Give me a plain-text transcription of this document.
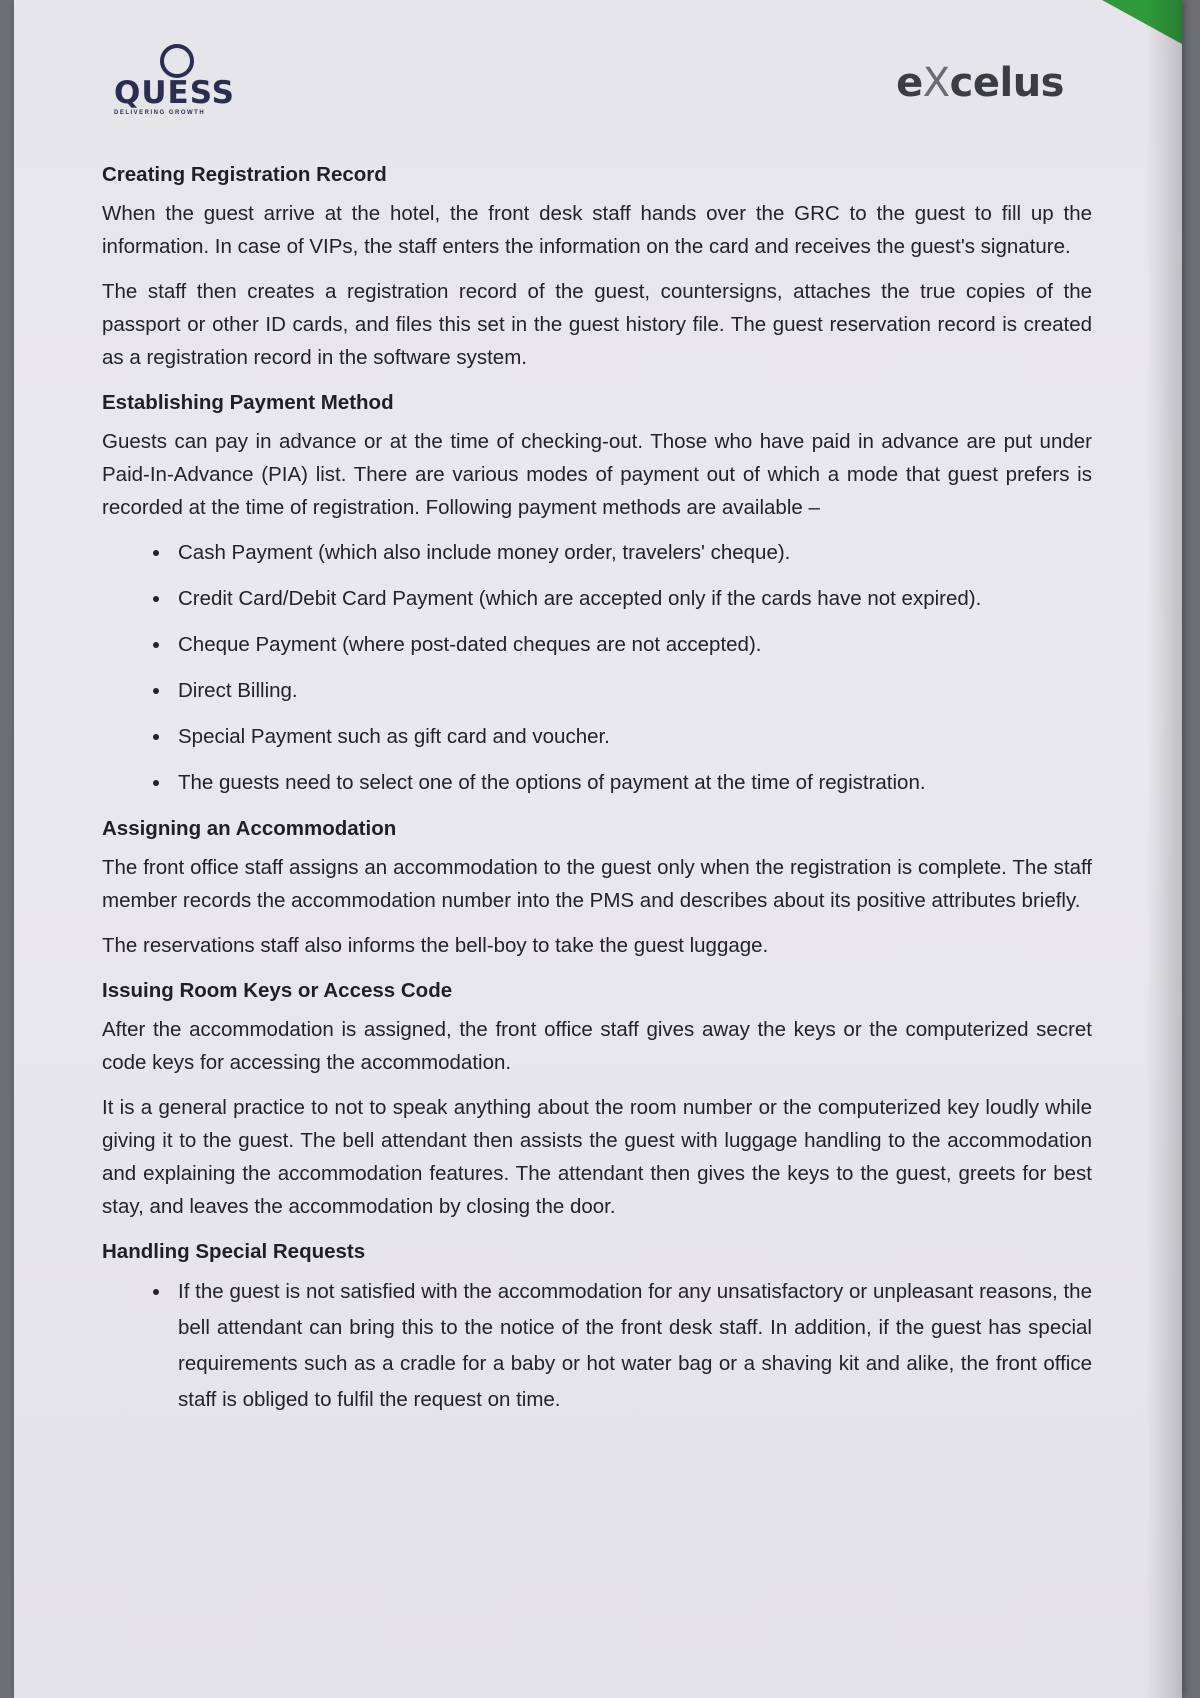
QUESS
DELIVERING GROWTH
eXcelus
Creating Registration Record

When the guest arrive at the hotel, the front desk staff hands over the GRC to the guest to fill up the information. In case of VIPs, the staff enters the information on the card and receives the guest's signature.

The staff then creates a registration record of the guest, countersigns, attaches the true copies of the passport or other ID cards, and files this set in the guest history file. The guest reservation record is created as a registration record in the software system.

Establishing Payment Method

Guests can pay in advance or at the time of checking-out. Those who have paid in advance are put under Paid-In-Advance (PIA) list. There are various modes of payment out of which a mode that guest prefers is recorded at the time of registration. Following payment methods are available –

• Cash Payment (which also include money order, travelers' cheque).
• Credit Card/Debit Card Payment (which are accepted only if the cards have not expired).
• Cheque Payment (where post-dated cheques are not accepted).
• Direct Billing.
• Special Payment such as gift card and voucher.
• The guests need to select one of the options of payment at the time of registration.
Assigning an Accommodation

The front office staff assigns an accommodation to the guest only when the registration is complete. The staff member records the accommodation number into the PMS and describes about its positive attributes briefly.

The reservations staff also informs the bell-boy to take the guest luggage.

Issuing Room Keys or Access Code

After the accommodation is assigned, the front office staff gives away the keys or the computerized secret code keys for accessing the accommodation.

It is a general practice to not to speak anything about the room number or the computerized key loudly while giving it to the guest. The bell attendant then assists the guest with luggage handling to the accommodation and explaining the accommodation features. The attendant then gives the keys to the guest, greets for best stay, and leaves the accommodation by closing the door.

Handling Special Requests
• If the guest is not satisfied with the accommodation for any unsatisfactory or unpleasant reasons, the bell attendant can bring this to the notice of the front desk staff. In addition, if the guest has special requirements such as a cradle for a baby or hot water bag or a shaving kit and alike, the front office staff is obliged to fulfil the request on time.
